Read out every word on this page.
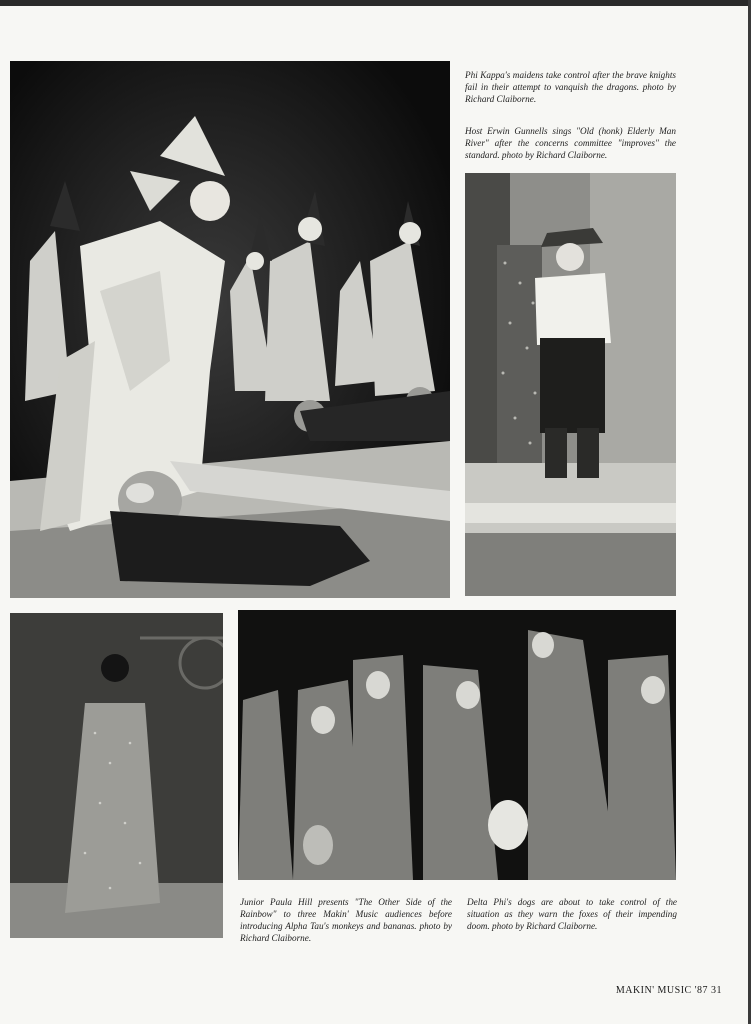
Phi Kappa's maidens take control after the brave knights fail in their attempt to vanquish the dragons. photo by Richard Claiborne.

Host Erwin Gunnells sings "Old (honk) Elderly Man River" after the concerns committee "improves" the standard. photo by Richard Claiborne.

Junior Paula Hill presents "The Other Side of the Rainbow" to three Makin' Music audiences before introducing Alpha Tau's monkeys and bananas. photo by Richard Claiborne.

Delta Phi's dogs are about to take control of the situation as they warn the foxes of their impending doom. photo by Richard Claiborne.

MAKIN' MUSIC '87 31
